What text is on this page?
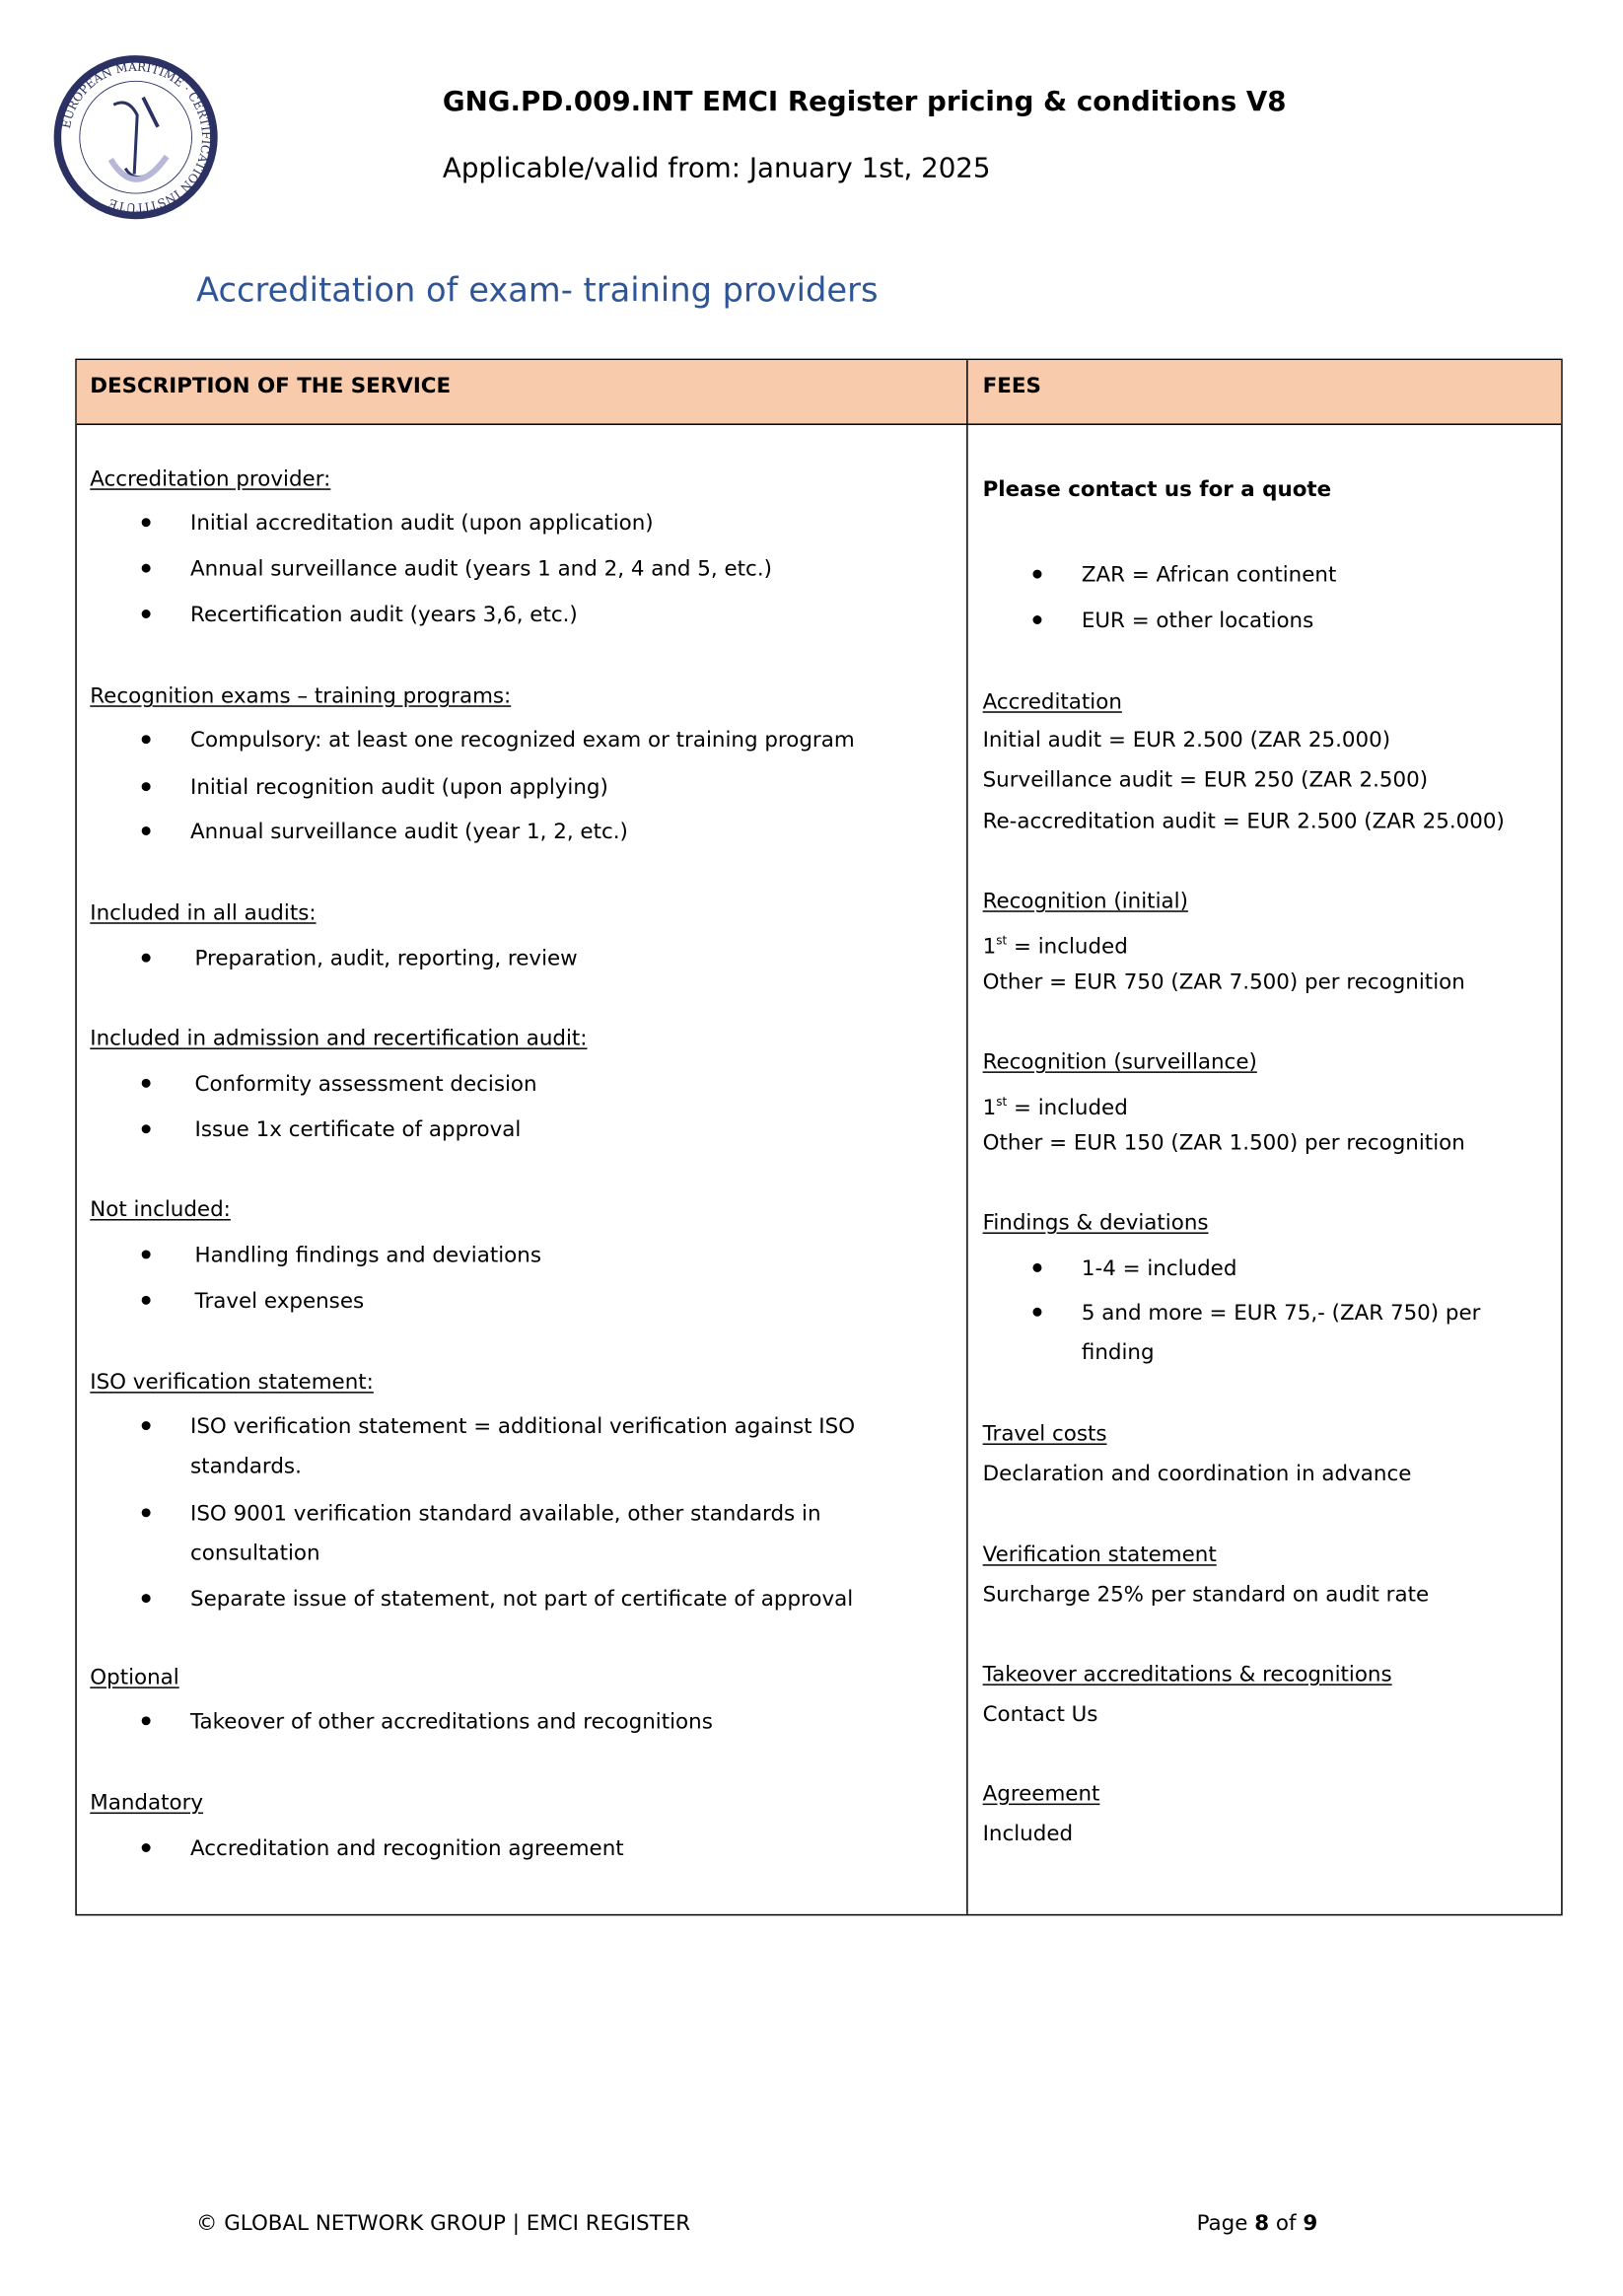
EUROPEAN MARITIME · CERTIFICATION INSTITUTE
GNG.PD.009.INT EMCI Register pricing & conditions V8
Applicable/valid from: January 1st, 2025
Accreditation of exam- training providers
DESCRIPTION OF THE SERVICE	FEES
© GLOBAL NETWORK GROUP | EMCI REGISTER	Page 8 of 9
Accreditation provider:
Initial accreditation audit (upon application)
Annual surveillance audit (years 1 and 2, 4 and 5, etc.)
Recertification audit (years 3,6, etc.)
Recognition exams – training programs:
Compulsory: at least one recognized exam or training program
Initial recognition audit (upon applying)
Annual surveillance audit (year 1, 2, etc.)
Included in all audits:
Preparation, audit, reporting, review
Included in admission and recertification audit:
Conformity assessment decision
Issue 1x certificate of approval
Not included:
Handling findings and deviations
Travel expenses
ISO verification statement:
ISO verification statement = additional verification against ISO standards.
ISO 9001 verification standard available, other standards in consultation
Separate issue of statement, not part of certificate of approval
Optional
Takeover of other accreditations and recognitions
Mandatory
Accreditation and recognition agreement
Please contact us for a quote
ZAR = African continent
EUR = other locations
Accreditation
Initial audit = EUR 2.500 (ZAR 25.000)
Surveillance audit = EUR 250 (ZAR 2.500)
Re-accreditation audit = EUR 2.500 (ZAR 25.000)
Recognition (initial)
1st = included
Other = EUR 750 (ZAR 7.500) per recognition
Recognition (surveillance)
1st = included
Other = EUR 150 (ZAR 1.500) per recognition
Findings & deviations
1-4 = included
5 and more = EUR 75,- (ZAR 750) per finding
Travel costs
Declaration and coordination in advance
Verification statement
Surcharge 25% per standard on audit rate
Takeover accreditations & recognitions
Contact Us
Agreement
Included
